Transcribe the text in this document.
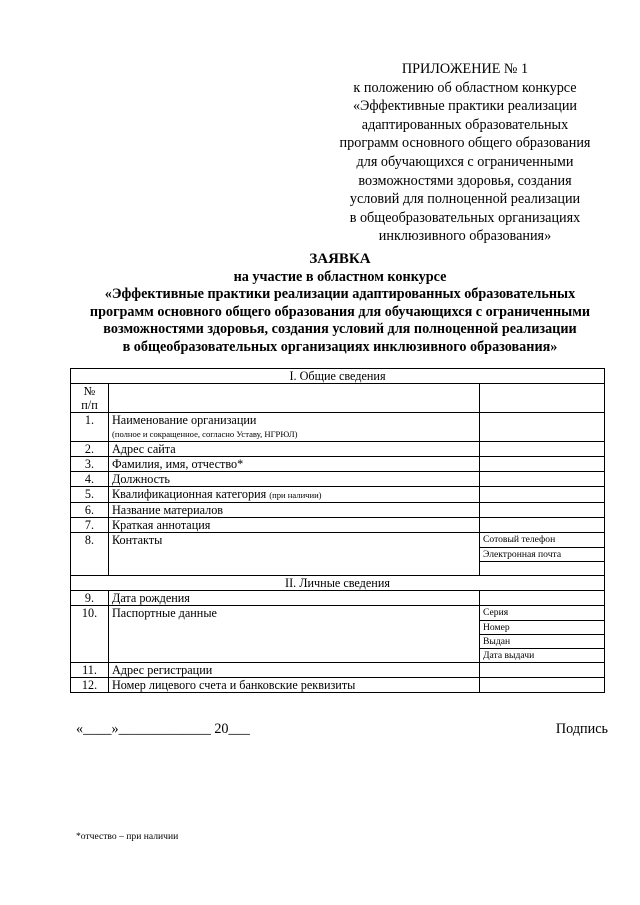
ПРИЛОЖЕНИЕ № 1
к положению об областном конкурсе
«Эффективные практики реализации
адаптированных образовательных
программ основного общего образования
для обучающихся с ограниченными
возможностями здоровья, создания
условий для полноценной реализации
в общеобразовательных организациях
инклюзивного образования»
ЗАЯВКА
на участие в областном конкурсе
«Эффективные практики реализации адаптированных образовательных
программ основного общего образования для обучающихся с ограниченными
возможностями здоровья, создания условий для полноценной реализации
в общеобразовательных организациях инклюзивного образования»
I. Общие сведения		
№ п/п		
1.	Наименование организации
(полное и сокращенное, согласно Уставу, НГРЮЛ)	

2.	Адрес сайта	
3.	Фамилия, имя, отчество*	
4.	Должность	
5.	Квалификационная категория (при наличии)	
6.	Название материалов	
7.	Краткая аннотация	
8.	Контакты	Сотовый телефон
Электронная почта

II. Личные сведения		
9.	Дата рождения	
10.	Паспортные данные	Серия
Номер
Выдан
Дата выдачи

11.	Адрес регистрации	
12.	Номер лицевого счета и банковские реквизиты	
«____»_____________ 20___	Подпись
*отчество – при наличии
